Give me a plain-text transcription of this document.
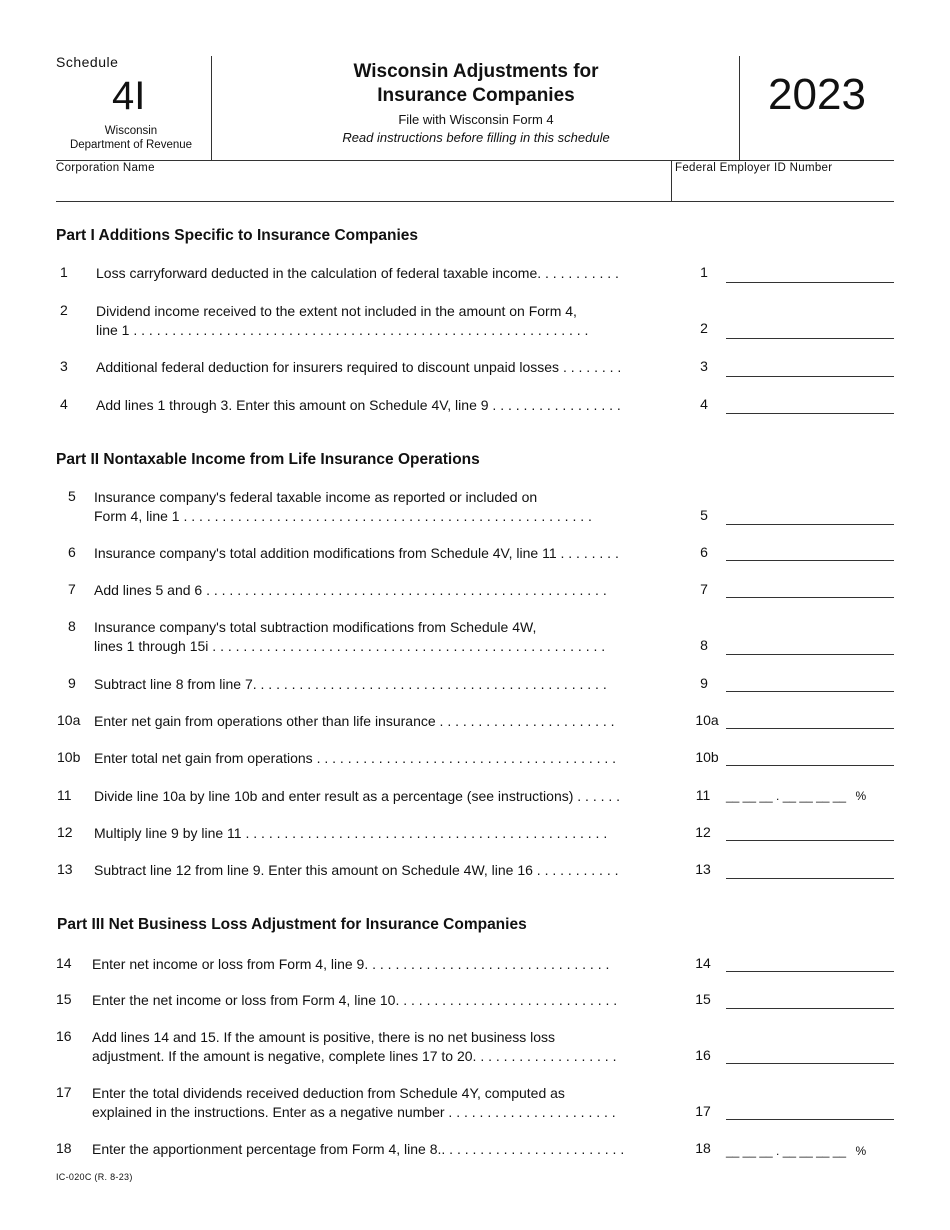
Schedule
4I
Wisconsin
Department of Revenue
Wisconsin Adjustments for
Insurance Companies
File with Wisconsin Form 4
Read instructions before filling in this schedule
2023
Corporation Name	Federal Employer ID Number
Part I Additions Specific to Insurance Companies
1 Loss carryforward deducted in the calculation of federal taxable income. . . . . . . . . . .	1
2 Dividend income received to the extent not included in the amount on Form 4,
line 1 . . . . . . . . . . . . . . . . . . . . . . . . . . . . . . . . . . . . . . . . . . . . . . . . . . . . . . . . . . .	2
3 Additional federal deduction for insurers required to discount unpaid losses . . . . . . . .	3
4 Add lines 1 through 3. Enter this amount on Schedule 4V, line 9 . . . . . . . . . . . . . . . . .	4
Part II Nontaxable Income from Life Insurance Operations
5 Insurance company's federal taxable income as reported or included on
Form 4, line 1 . . . . . . . . . . . . . . . . . . . . . . . . . . . . . . . . . . . . . . . . . . . . . . . . . . . . .	5
6 Insurance company's total addition modifications from Schedule 4V, line 11 . . . . . . . .	6
7 Add lines 5 and 6 . . . . . . . . . . . . . . . . . . . . . . . . . . . . . . . . . . . . . . . . . . . . . . . . . . . .	7
8 Insurance company's total subtraction modifications from Schedule 4W,
lines 1 through 15i . . . . . . . . . . . . . . . . . . . . . . . . . . . . . . . . . . . . . . . . . . . . . . . . . . .	8
9 Subtract line 8 from line 7. . . . . . . . . . . . . . . . . . . . . . . . . . . . . . . . . . . . . . . . . . . . . .	9
10a Enter net gain from operations other than life insurance . . . . . . . . . . . . . . . . . . . . . . .	10a
10b Enter total net gain from operations . . . . . . . . . . . . . . . . . . . . . . . . . . . . . . . . . . . . . . .	10b
11 Divide line 10a by line 10b and enter result as a percentage (see instructions) . . . . . .	11	__ __ __ . __ __ __ __ %
12 Multiply line 9 by line 11 . . . . . . . . . . . . . . . . . . . . . . . . . . . . . . . . . . . . . . . . . . . . . . .	12
13 Subtract line 12 from line 9. Enter this amount on Schedule 4W, line 16 . . . . . . . . . . .	13
Part III Net Business Loss Adjustment for Insurance Companies
14 Enter net income or loss from Form 4, line 9. . . . . . . . . . . . . . . . . . . . . . . . . . . . . . . .	14
15 Enter the net income or loss from Form 4, line 10. . . . . . . . . . . . . . . . . . . . . . . . . . . . .	15
16 Add lines 14 and 15. If the amount is positive, there is no net business loss
adjustment. If the amount is negative, complete lines 17 to 20. . . . . . . . . . . . . . . . . . .	16
17 Enter the total dividends received deduction from Schedule 4Y, computed as
explained in the instructions. Enter as a negative number . . . . . . . . . . . . . . . . . . . . . .	17
18 Enter the apportionment percentage from Form 4, line 8.. . . . . . . . . . . . . . . . . . . . . . . .	18	__ __ __ . __ __ __ __ %
IC-020C (R. 8-23)
